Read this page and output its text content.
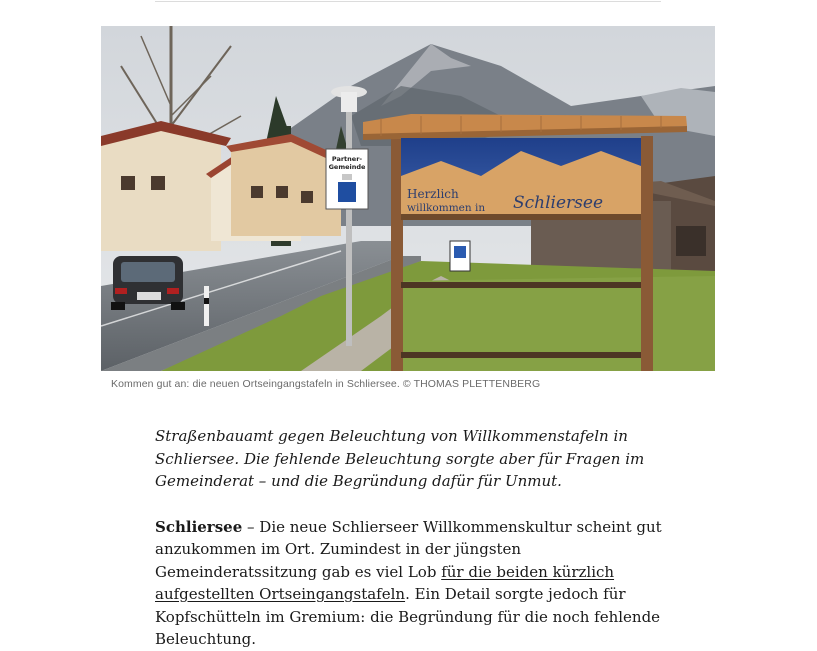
Partner-
Gemeinde
Herzlich
willkommen in Schliersee
Kommen gut an: die neuen Ortseingangstafeln in Schliersee. © THOMAS PLETTENBERG

Straßenbauamt gegen Beleuchtung von Willkommenstafeln in Schliersee. Die fehlende Beleuchtung sorgte aber für Fragen im Gemeinderat – und die Begründung dafür für Unmut.

Schliersee – Die neue Schlierseer Willkommenskultur scheint gut anzukommen im Ort. Zumindest in der jüngsten Gemeinderatssitzung gab es viel Lob für die beiden kürzlich aufgestellten Ortseingangstafeln. Ein Detail sorgte jedoch für Kopfschütteln im Gremium: die Begründung für die noch fehlende Beleuchtung.
